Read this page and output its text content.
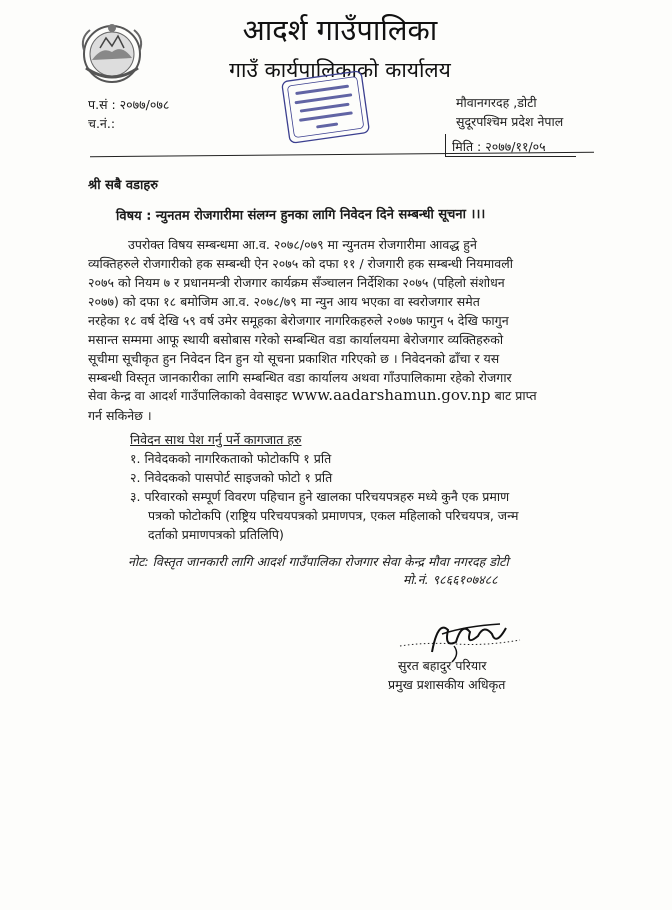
आदर्श गाउँपालिका
गाउँ कार्यपालिकाको कार्यालय
प.सं : २०७७/०७८
च.नं.:
मौवानगरदह ,डोटी
सुदूरपश्चिम प्रदेश नेपाल
मिति : २०७७/११/०५
श्री सबै वडाहरु
विषय : न्युनतम रोजगारीमा संलग्न हुनका लागि निवेदन दिने सम्बन्धी सूचना ।।।
उपरोक्त विषय सम्बन्धमा आ.व. २०७८/०७९ मा न्युनतम रोजगारीमा आवद्ध हुने
व्यक्तिहरुले रोजगारीको हक सम्बन्धी ऐन २०७५ को दफा ११ / रोजगारी हक सम्बन्धी नियमावली
२०७५ को नियम ७ र प्रधानमन्त्री रोजगार कार्यक्रम सँञ्चालन निर्देशिका २०७५ (पहिलो संशोधन
२०७७) को दफा १८ बमोजिम आ.व. २०७८/७९ मा न्युन आय भएका वा स्वरोजगार समेत
नरहेका १८ वर्ष देखि ५९ वर्ष उमेर समूहका बेरोजगार नागरिकहरुले २०७७ फागुन ५ देखि फागुन
मसान्त सम्ममा आफू स्थायी बसोबास गरेको सम्बन्धित वडा कार्यालयमा बेरोजगार व्यक्तिहरुको
सूचीमा सूचीकृत हुन निवेदन दिन हुन यो सूचना प्रकाशित गरिएको छ । निवेदनको ढाँचा र यस
सम्बन्धी विस्तृत जानकारीका लागि सम्बन्धित वडा कार्यालय अथवा गाँउपालिकामा रहेको रोजगार
सेवा केन्द्र वा आदर्श गाउँपालिकाको वेवसाइट www.aadarshamun.gov.np बाट प्राप्त
गर्न सकिनेछ ।
निवेदन साथ पेश गर्नु पर्ने कागजात हरु
१. निवेदकको नागरिकताको फोटोकपि १ प्रति
२. निवेदकको पासपोर्ट साइजको फोटो १ प्रति
३. परिवारको सम्पूर्ण विवरण पहिचान हुने खालका परिचयपत्रहरु मध्ये कुनै एक प्रमाण
पत्रको फोटोकपि (राष्ट्रिय परिचयपत्रको प्रमाणपत्र, एकल महिलाको परिचयपत्र, जन्म
दर्ताको प्रमाणपत्रको प्रतिलिपि)
नोट: विस्तृत जानकारी लागि आदर्श गाउँपालिका रोजगार सेवा केन्द्र मौवा नगरदह डोटी
मो.नं. ९८६६१०७४८८
सुरत बहादुर परियार
प्रमुख प्रशासकीय अधिकृत
